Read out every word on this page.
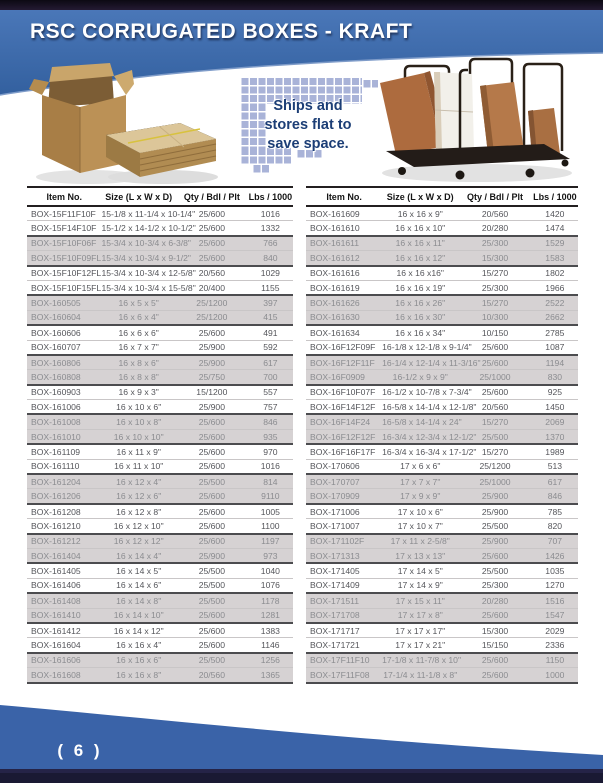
RSC CORRUGATED BOXES - KRAFT
Ships and
stores flat to
save space.
Item No.	Size (L x W x D)	Qty / Bdl / Plt Lbs / 1000
BOX-15F11F10F 15-1/8 x 11-1/4 x 10-1/4" 25/600	1016
BOX-15F14F10F 15-1/2 x 14-1/2 x 10-1/2" 25/600	1332
BOX-15F10F06F 15-3/4 x 10-3/4 x 6-3/8" 25/600	766
BOX-15F10F09FL 15-3/4 x 10-3/4 x 9-1/2" 25/600	840
BOX-15F10F12FL 15-3/4 x 10-3/4 x 12-5/8" 20/560	1029
BOX-15F10F15FL 15-3/4 x 10-3/4 x 15-5/8" 20/400	1155
BOX-160505	16 x 5 x 5"	25/1200	397
BOX-160604	16 x 6 x 4"	25/1200	415
BOX-160606	16 x 6 x 6"	25/600	491
BOX-160707	16 x 7 x 7"	25/900	592
BOX-160806	16 x 8 x 6"	25/900	617
BOX-160808	16 x 8 x 8"	25/750	700
BOX-160903	16 x 9 x 3"	15/1200	557
BOX-161006	16 x 10 x 6"	25/900	757
BOX-161008	16 x 10 x 8"	25/600	846
BOX-161010	16 x 10 x 10"	25/600	935
BOX-161109	16 x 11 x 9"	25/600	970
BOX-161110	16 x 11 x 10"	25/600	1016
BOX-161204	16 x 12 x 4"	25/500	814
BOX-161206	16 x 12 x 6"	25/600	9110
BOX-161208	16 x 12 x 8"	25/600	1005
BOX-161210	16 x 12 x 10"	25/600	1100
BOX-161212	16 x 12 x 12"	25/600	1197
BOX-161404	16 x 14 x 4"	25/900	973
BOX-161405	16 x 14 x 5"	25/500	1040
BOX-161406	16 x 14 x 6"	25/500	1076
BOX-161408	16 x 14 x 8"	25/500	1178
BOX-161410	16 x 14 x 10"	25/600	1281
BOX-161412	16 x 14 x 12"	25/600	1383
BOX-161604	16 x 16 x 4"	25/600	1146
BOX-161606	16 x 16 x 6"	25/500	1256
BOX-161608	16 x 16 x 8"	20/560	1365
Item No.	Size (L x W x D)	Qty / Bdl / Plt	Lbs / 1000
BOX-161609	16 x 16 x 9"	20/560	1420
BOX-161610	16 x 16 x 10"	20/280	1474
BOX-161611	16 x 16 x 11"	25/300	1529
BOX-161612	16 x 16 x 12"	15/300	1583
BOX-161616	16 x 16 x16"	15/270	1802
BOX-161619	16 x 16 x 19"	25/300	1966
BOX-161626	16 x 16 x 26"	15/270	2522
BOX-161630	16 x 16 x 30"	10/300	2662
BOX-161634	16 x 16 x 34"	10/150	2785
BOX-16F12F09F 16-1/8 x 12-1/8 x 9-1/4"	25/600	1087
BOX-16F12F11F 16-1/4 x 12-1/4 x 11-3/16" 25/600	1194
BOX-16F0909	16-1/2 x 9 x 9"	25/1000	830
BOX-16F10F07F 16-1/2 x 10-7/8 x 7-3/4"	25/600	925
BOX-16F14F12F 16-5/8 x 14-1/4 x 12-1/8" 20/560	1450
BOX-16F14F24	16-5/8 x 14-1/4 x 24"	15/270	2069
BOX-16F12F12F 16-3/4 x 12-3/4 x 12-1/2" 25/500	1370
BOX-16F16F17F 16-3/4 x 16-3/4 x 17-1/2" 15/270	1989
BOX-170606	17 x 6 x 6"	25/1200	513
BOX-170707	17 x 7 x 7"	25/1000	617
BOX-170909	17 x 9 x 9"	25/900	846
BOX-171006	17 x 10 x 6"	25/900	785
BOX-171007	17 x 10 x 7"	25/500	820
BOX-171102F	17 x 11 x 2-5/8"	25/900	707
BOX-171313	17 x 13 x 13"	25/600	1426
BOX-171405	17 x 14 x 5"	25/500	1035
BOX-171409	17 x 14 x 9"	25/300	1270
BOX-171511	17 x 15 x 11"	20/280	1516
BOX-171708	17 x 17 x 8"	25/600	1547
BOX-171717	17 x 17 x 17"	15/300	2029
BOX-171721	17 x 17 x 21"	15/150	2336
BOX-17F11F10	17-1/8 x 11-7/8 x 10"	25/600	1150
BOX-17F11F08	17-1/4 x 11-1/8 x 8"	25/600	1000
( 6 )
